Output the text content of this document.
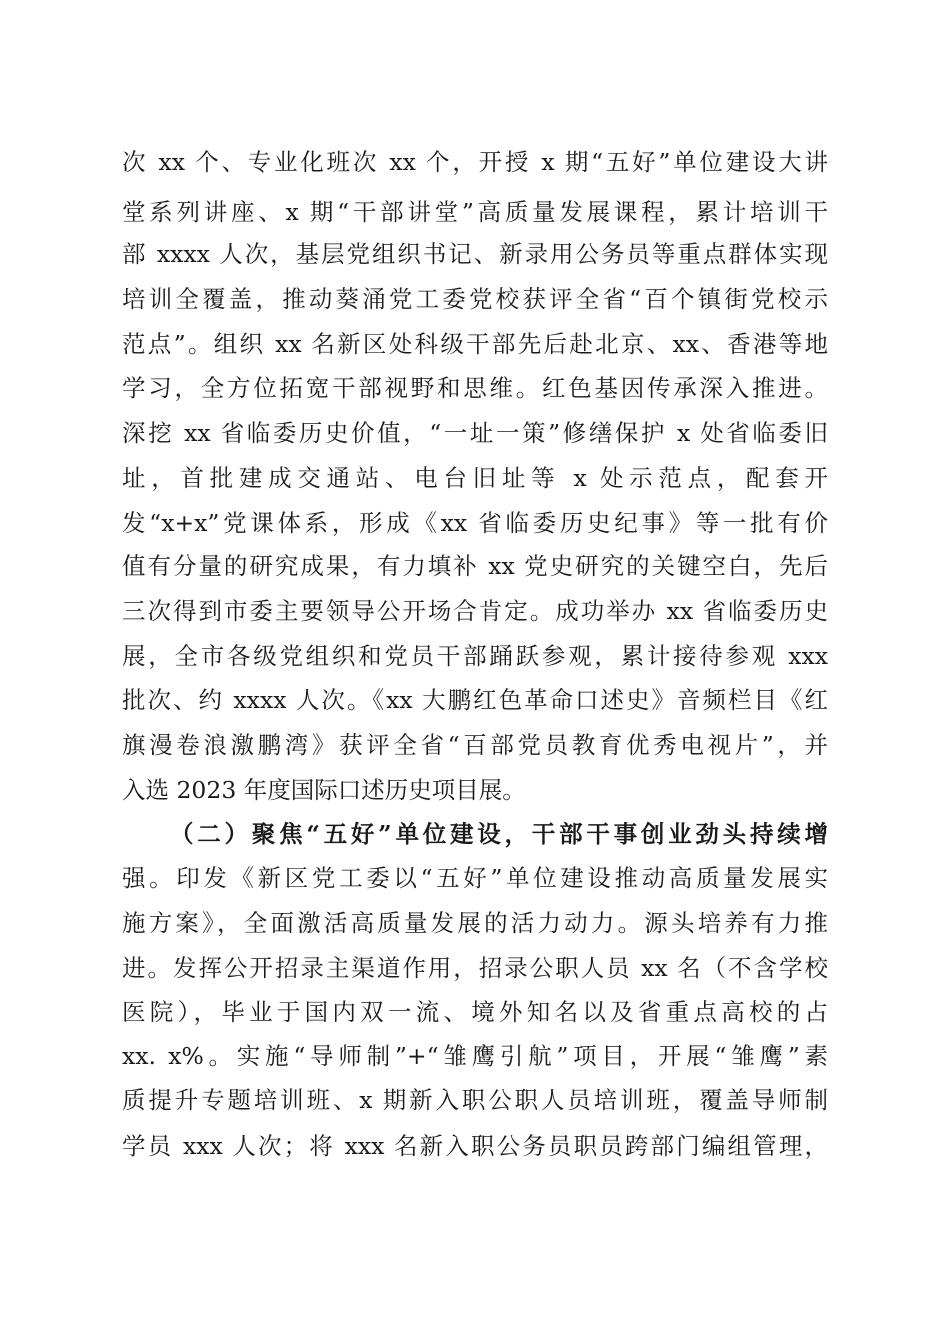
次 xx 个、专业化班次 xx 个，开授 x 期“五好”单位建设大讲
堂系列讲座、x 期“干部讲堂”高质量发展课程，累计培训干
部 xxxx 人次，基层党组织书记、新录用公务员等重点群体实现
培训全覆盖，推动葵涌党工委党校获评全省“百个镇街党校示
范点”。组织 xx 名新区处科级干部先后赴北京、xx、香港等地
学习，全方位拓宽干部视野和思维。红色基因传承深入推进。
深挖 xx 省临委历史价值，“一址一策”修缮保护 x 处省临委旧
址，首批建成交通站、电台旧址等 x 处示范点，配套开
发“x+x”党课体系，形成《xx 省临委历史纪事》等一批有价
值有分量的研究成果，有力填补 xx 党史研究的关键空白，先后
三次得到市委主要领导公开场合肯定。成功举办 xx 省临委历史
展，全市各级党组织和党员干部踊跃参观，累计接待参观 xxx
批次、约 xxxx 人次。《xx 大鹏红色革命口述史》音频栏目《红
旗漫卷浪激鹏湾》获评全省“百部党员教育优秀电视片”，并
入选 2023 年度国际口述历史项目展。
（二）聚焦“五好”单位建设，干部干事创业劲头持续增
强。印发《新区党工委以“五好”单位建设推动高质量发展实
施方案》，全面激活高质量发展的活力动力。源头培养有力推
进。发挥公开招录主渠道作用，招录公职人员 xx 名（不含学校
医院），毕业于国内双一流、境外知名以及省重点高校的占
xx. x%。实施“导师制”+“雏鹰引航”项目，开展“雏鹰”素
质提升专题培训班、x 期新入职公职人员培训班，覆盖导师制
学员 xxx 人次；将 xxx 名新入职公务员职员跨部门编组管理，
